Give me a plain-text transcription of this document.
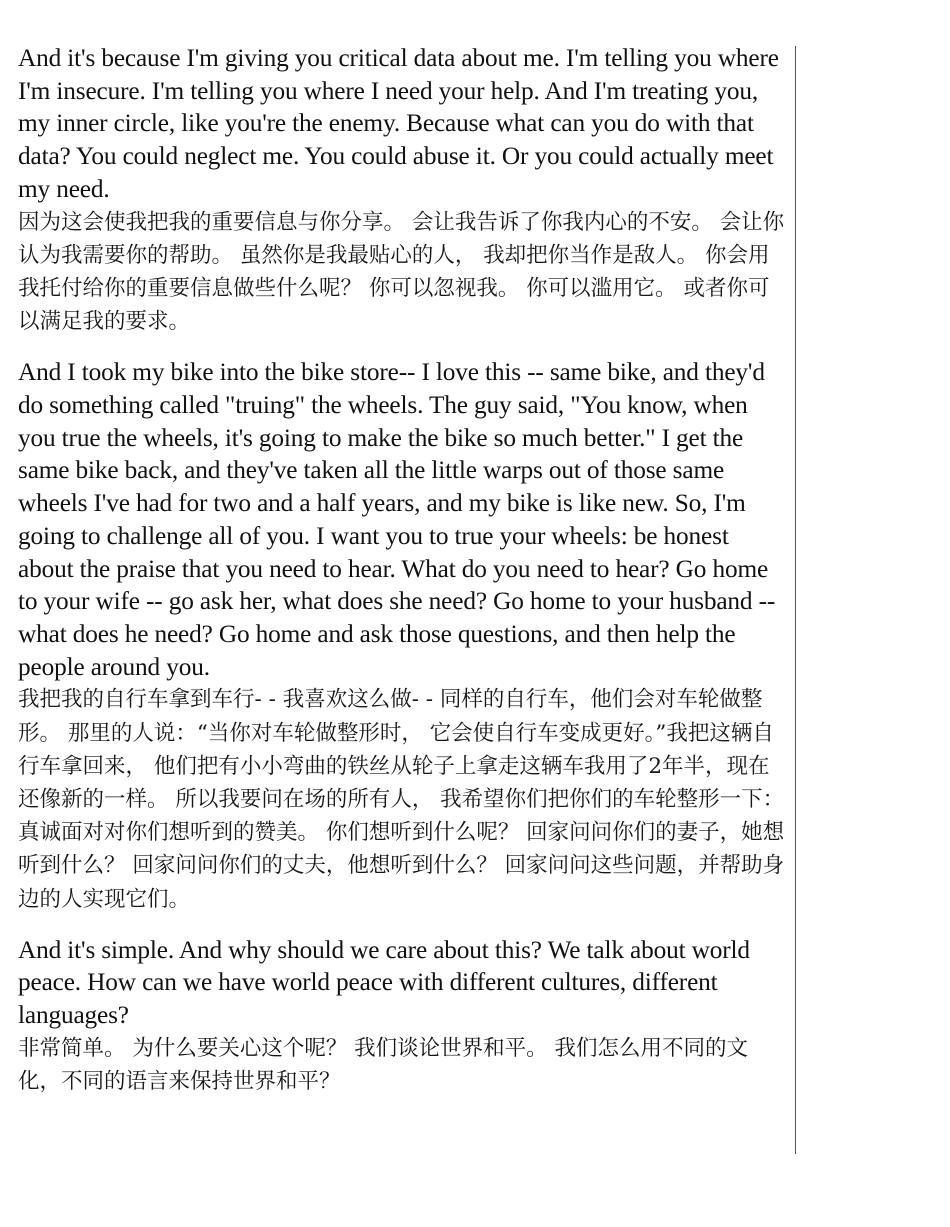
And it's because I'm giving you critical data about me. I'm telling you where I'm insecure. I'm telling you where I need your help. And I'm treating you, my inner circle, like you're the enemy. Because what can you do with that data? You could neglect me. You could abuse it. Or you could actually meet my need.

因为这会使我把我的重要信息与你分享。 会让我告诉了你我内心的不安。 会让你认为我需要你的帮助。 虽然你是我最贴心的人， 我却把你当作是敌人。 你会用我托付给你的重要信息做些什么呢？ 你可以忽视我。 你可以滥用它。 或者你可以满足我的要求。

And I took my bike into the bike store-- I love this -- same bike, and they'd do something called "truing" the wheels. The guy said, "You know, when you true the wheels, it's going to make the bike so much better." I get the same bike back, and they've taken all the little warps out of those same wheels I've had for two and a half years, and my bike is like new. So, I'm going to challenge all of you. I want you to true your wheels: be honest about the praise that you need to hear. What do you need to hear? Go home to your wife -- go ask her, what does she need? Go home to your husband -- what does he need? Go home and ask those questions, and then help the people around you.

我把我的自行车拿到车行- - 我喜欢这么做- - 同样的自行车，他们会对车轮做整形。 那里的人说：“当你对车轮做整形时， 它会使自行车变成更好。”我把这辆自行车拿回来， 他们把有小小弯曲的铁丝从轮子上拿走这辆车我用了2年半，现在还像新的一样。 所以我要问在场的所有人， 我希望你们把你们的车轮整形一下： 真诚面对对你们想听到的赞美。 你们想听到什么呢？ 回家问问你们的妻子，她想听到什么？ 回家问问你们的丈夫，他想听到什么？ 回家问问这些问题，并帮助身边的人实现它们。

And it's simple. And why should we care about this? We talk about world peace. How can we have world peace with different cultures, different languages?

非常简单。 为什么要关心这个呢？ 我们谈论世界和平。 我们怎么用不同的文化，不同的语言来保持世界和平？
